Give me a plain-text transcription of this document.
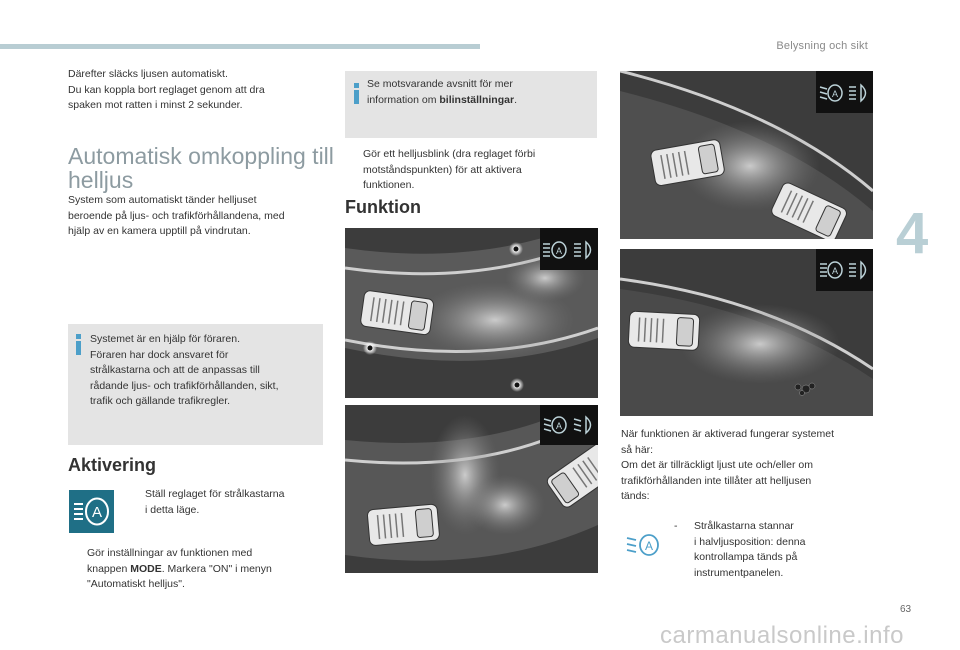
Belysning och sikt
4

Därefter släcks ljusen automatiskt.

Du kan koppla bort reglaget genom att dra

spaken mot ratten i minst 2 sekunder.

Automatisk omkoppling till

helljus

System som automatiskt tänder helljuset

beroende på ljus- och trafikförhållandena, med

hjälp av en kamera upptill på vindrutan.

Systemet är en hjälp för föraren.

Föraren har dock ansvaret för

strålkastarna och att de anpassas till

rådande ljus- och trafikförhållanden, sikt,

trafik och gällande trafikregler.

Aktivering
A

Ställ reglaget för strålkastarna

i detta läge.

Gör inställningar av funktionen med

knappen MODE. Markera "ON" i menyn

"Automatiskt helljus".

Se motsvarande avsnitt för mer

information om bilinställningar.

Gör ett helljusblink (dra reglaget förbi

motståndspunkten) för att aktivera

funktionen.

Funktion
A
A
A
A

När funktionen är aktiverad fungerar systemet

så här:

Om det är tillräckligt ljust ute och/eller om

trafikförhållanden inte tillåter att helljusen

tänds:

A
- Strålkastarna stannar

i halvljusposition: denna

kontrollampa tänds på

instrumentpanelen.

63
carmanualsonline.info
